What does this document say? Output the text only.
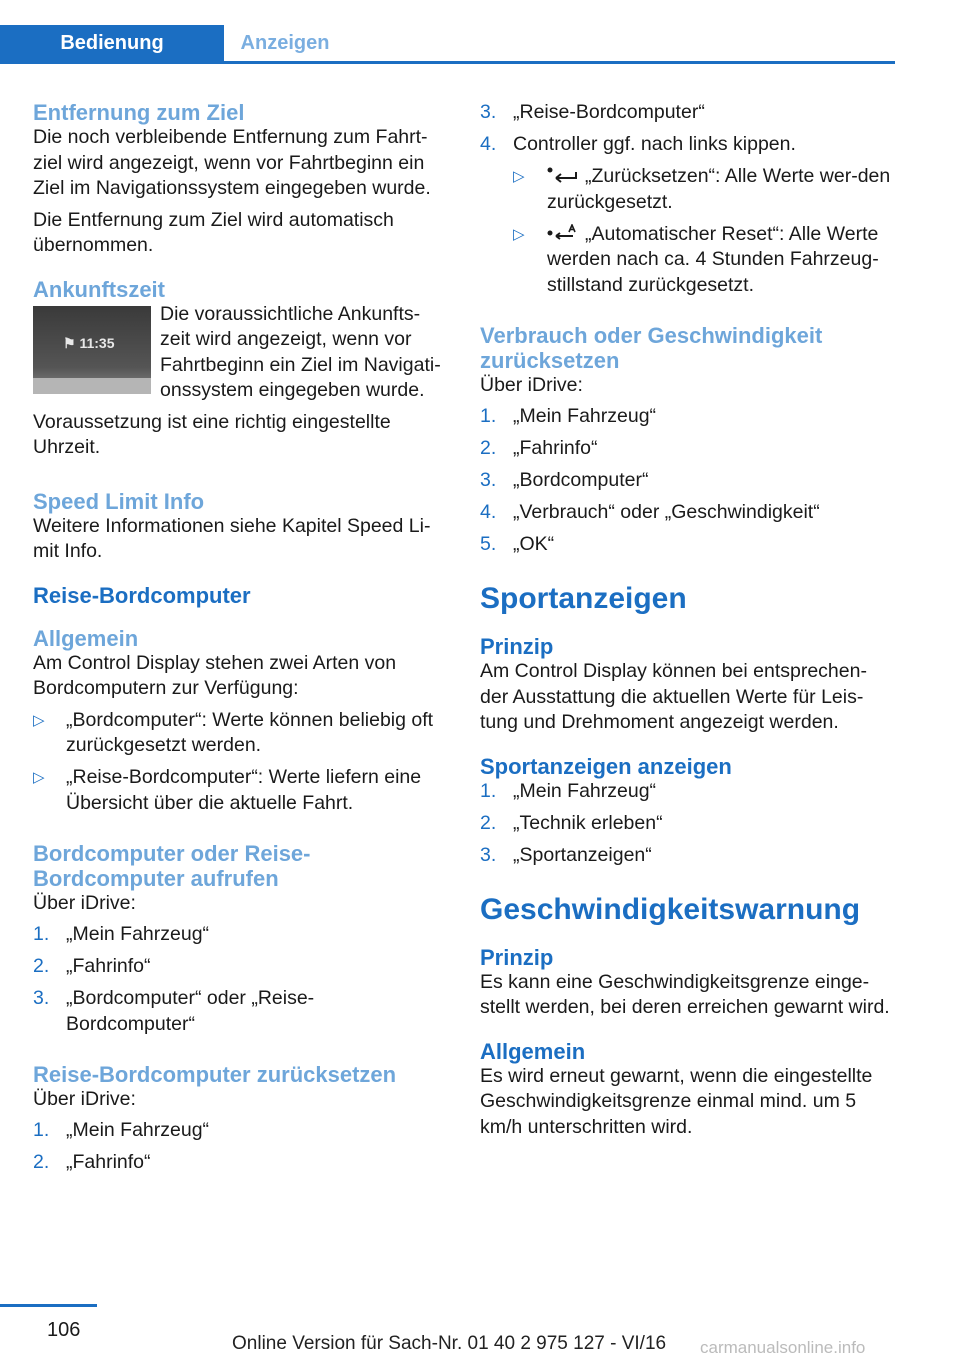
Bedienung	Anzeigen
Entfernung zum Ziel

Die noch verbleibende Entfernung zum Fahrt‐ziel wird angezeigt, wenn vor Fahrtbeginn ein Ziel im Navigationssystem eingegeben wurde.

Die Entfernung zum Ziel wird automatisch übernommen.

Ankunftszeit
⚑ 11:35

Die voraussichtliche Ankunfts‐zeit wird angezeigt, wenn vor Fahrtbeginn ein Ziel im Navigati‐onssystem eingegeben wurde.

Voraussetzung ist eine richtig eingestellte Uhrzeit.

Speed Limit Info

Weitere Informationen siehe Kapitel Speed Li‐mit Info.

Reise-Bordcomputer
Allgemein

Am Control Display stehen zwei Arten von Bordcomputern zur Verfügung:

▷ „Bordcomputer“: Werte können beliebig oft zurückgesetzt werden.
▷ „Reise-Bordcomputer“: Werte liefern eine Übersicht über die aktuelle Fahrt.
Bordcomputer oder Reise-Bordcomputer aufrufen

Über iDrive:

1. „Mein Fahrzeug“
2. „Fahrinfo“
3. „Bordcomputer“ oder „Reise-Bordcomputer“
Reise-Bordcomputer zurücksetzen

Über iDrive:

1. „Mein Fahrzeug“
2. „Fahrinfo“
3. „Reise-Bordcomputer“
4. Controller ggf. nach links kippen.
▷	„Zurücksetzen“: Alle Werte wer‐den zurückgesetzt.
▷	„Automatischer Reset“: Alle Werte werden nach ca. 4 Stunden Fahrzeug‐stillstand zurückgesetzt.
Verbrauch oder Geschwindigkeit zurücksetzen

Über iDrive:

1. „Mein Fahrzeug“
2. „Fahrinfo“
3. „Bordcomputer“
4. „Verbrauch“ oder „Geschwindigkeit“
5. „OK“
Sportanzeigen
Prinzip

Am Control Display können bei entsprechen‐der Ausstattung die aktuellen Werte für Leis‐tung und Drehmoment angezeigt werden.

Sportanzeigen anzeigen
1. „Mein Fahrzeug“
2. „Technik erleben“
3. „Sportanzeigen“
Geschwindigkeitswarnung
Prinzip

Es kann eine Geschwindigkeitsgrenze einge‐stellt werden, bei deren erreichen gewarnt wird.

Allgemein

Es wird erneut gewarnt, wenn die eingestellte Geschwindigkeitsgrenze einmal mind. um 5 km/h unterschritten wird.

106
Online Version für Sach-Nr. 01 40 2 975 127 - VI/16 carmanualsonline.info
